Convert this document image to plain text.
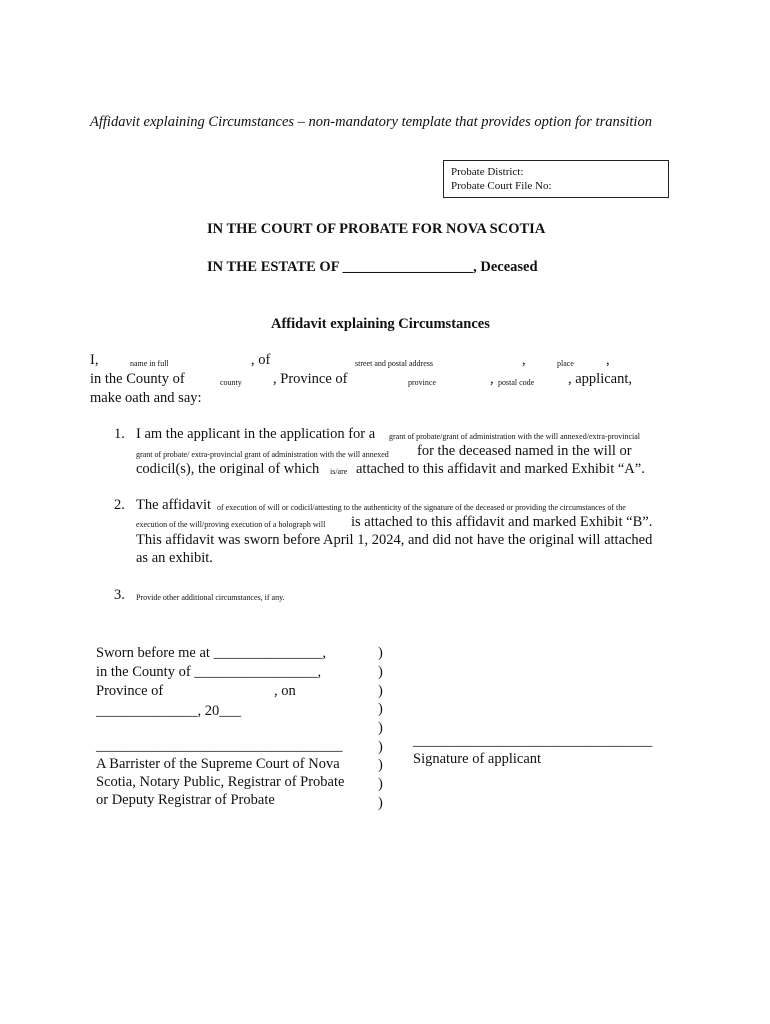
Affidavit explaining Circumstances – non-mandatory template that provides option for transition
Probate District:
Probate Court File No:
IN THE COURT OF PROBATE FOR NOVA SCOTIA
IN THE ESTATE OF __________________, Deceased
Affidavit explaining Circumstances
I,	name in full	, of	street and postal address	,	place ,
in the County of	county , Province of	province	, postal code , applicant,
make oath and say:
1. I am the applicant in the application for a grant of probate/grant of administration with the will annexed/extra-provincial
grant of probate/ extra-provincial grant of administration with the will annexed for the deceased named in the will or
codicil(s), the original of which is/are attached to this affidavit and marked Exhibit “A”.
2. The affidavit of execution of will or codicil/attesting to the authenticity of the signature of the deceased or providing the circumstances of the
execution of the will/proving execution of a holograph will is attached to this affidavit and marked Exhibit “B”.
This affidavit was sworn before April 1, 2024, and did not have the original will attached
as an exhibit.
3. Provide other additional circumstances, if any.
Sworn before me at _______________,
in the County of _________________,
Province of	, on
______________, 20___
__________________________________
A Barrister of the Supreme Court of Nova
Scotia, Notary Public, Registrar of Probate
or Deputy Registrar of Probate
)
)
)
)
)
)
)
)
)
_________________________________
Signature of applicant
